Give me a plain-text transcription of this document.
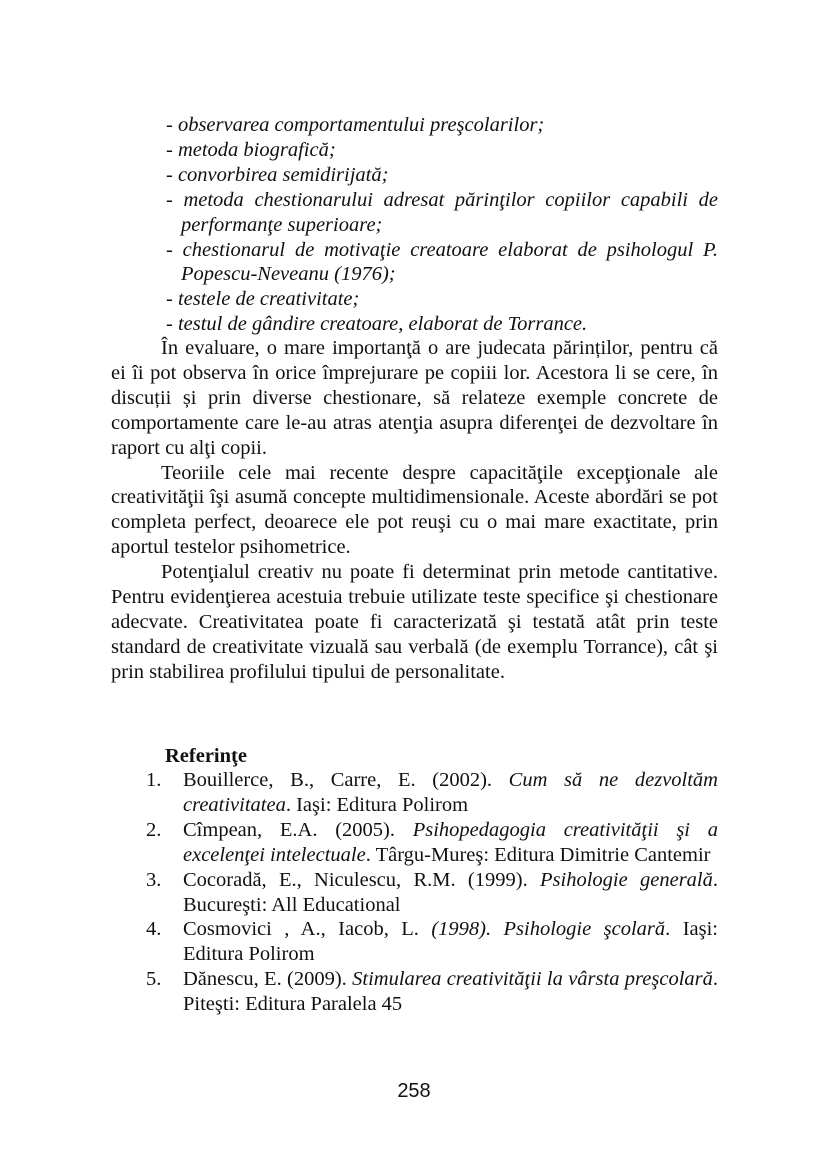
- observarea comportamentului preşcolarilor;
- metoda biografică;
- convorbirea semidirijată;
- metoda chestionarului adresat părinţilor copiilor capabili de performanţe superioare;
- chestionarul de motivaţie creatoare elaborat de psihologul P. Popescu-Neveanu (1976);
- testele de creativitate;
- testul de gândire creatoare, elaborat de Torrance.

În evaluare, o mare importanţă o are judecata părinților, pentru că ei îi pot observa în orice împrejurare pe copiii lor. Acestora li se cere, în discuții și prin diverse chestionare, să relateze exemple concrete de comportamente care le-au atras atenţia asupra diferenţei de dezvoltare în raport cu alţi copii.

Teoriile cele mai recente despre capacităţile excepţionale ale creativităţii îşi asumă concepte multidimensionale. Aceste abordări se pot completa perfect, deoarece ele pot reuşi cu o mai mare exactitate, prin aportul testelor psihometrice.

Potenţialul creativ nu poate fi determinat prin metode cantitative. Pentru evidenţierea acestuia trebuie utilizate teste specifice şi chestionare adecvate. Creativitatea poate fi caracterizată şi testată atât prin teste standard de creativitate vizuală sau verbală (de exemplu Torrance), cât şi prin stabilirea profilului tipului de personalitate.

Referinţe
1. Bouillerce, B., Carre, E. (2002). Cum să ne dezvoltăm creativitatea. Iaşi: Editura Polirom
2. Cîmpean, E.A. (2005). Psihopedagogia creativităţii şi a excelenţei intelectuale. Târgu-Mureş: Editura Dimitrie Cantemir
3. Cocoradă, E., Niculescu, R.M. (1999). Psihologie generală. Bucureşti: All Educational
4. Cosmovici , A., Iacob, L. (1998). Psihologie şcolară. Iaşi: Editura Polirom
5. Dănescu, E. (2009). Stimularea creativităţii la vârsta preşcolară. Piteşti: Editura Paralela 45
258
